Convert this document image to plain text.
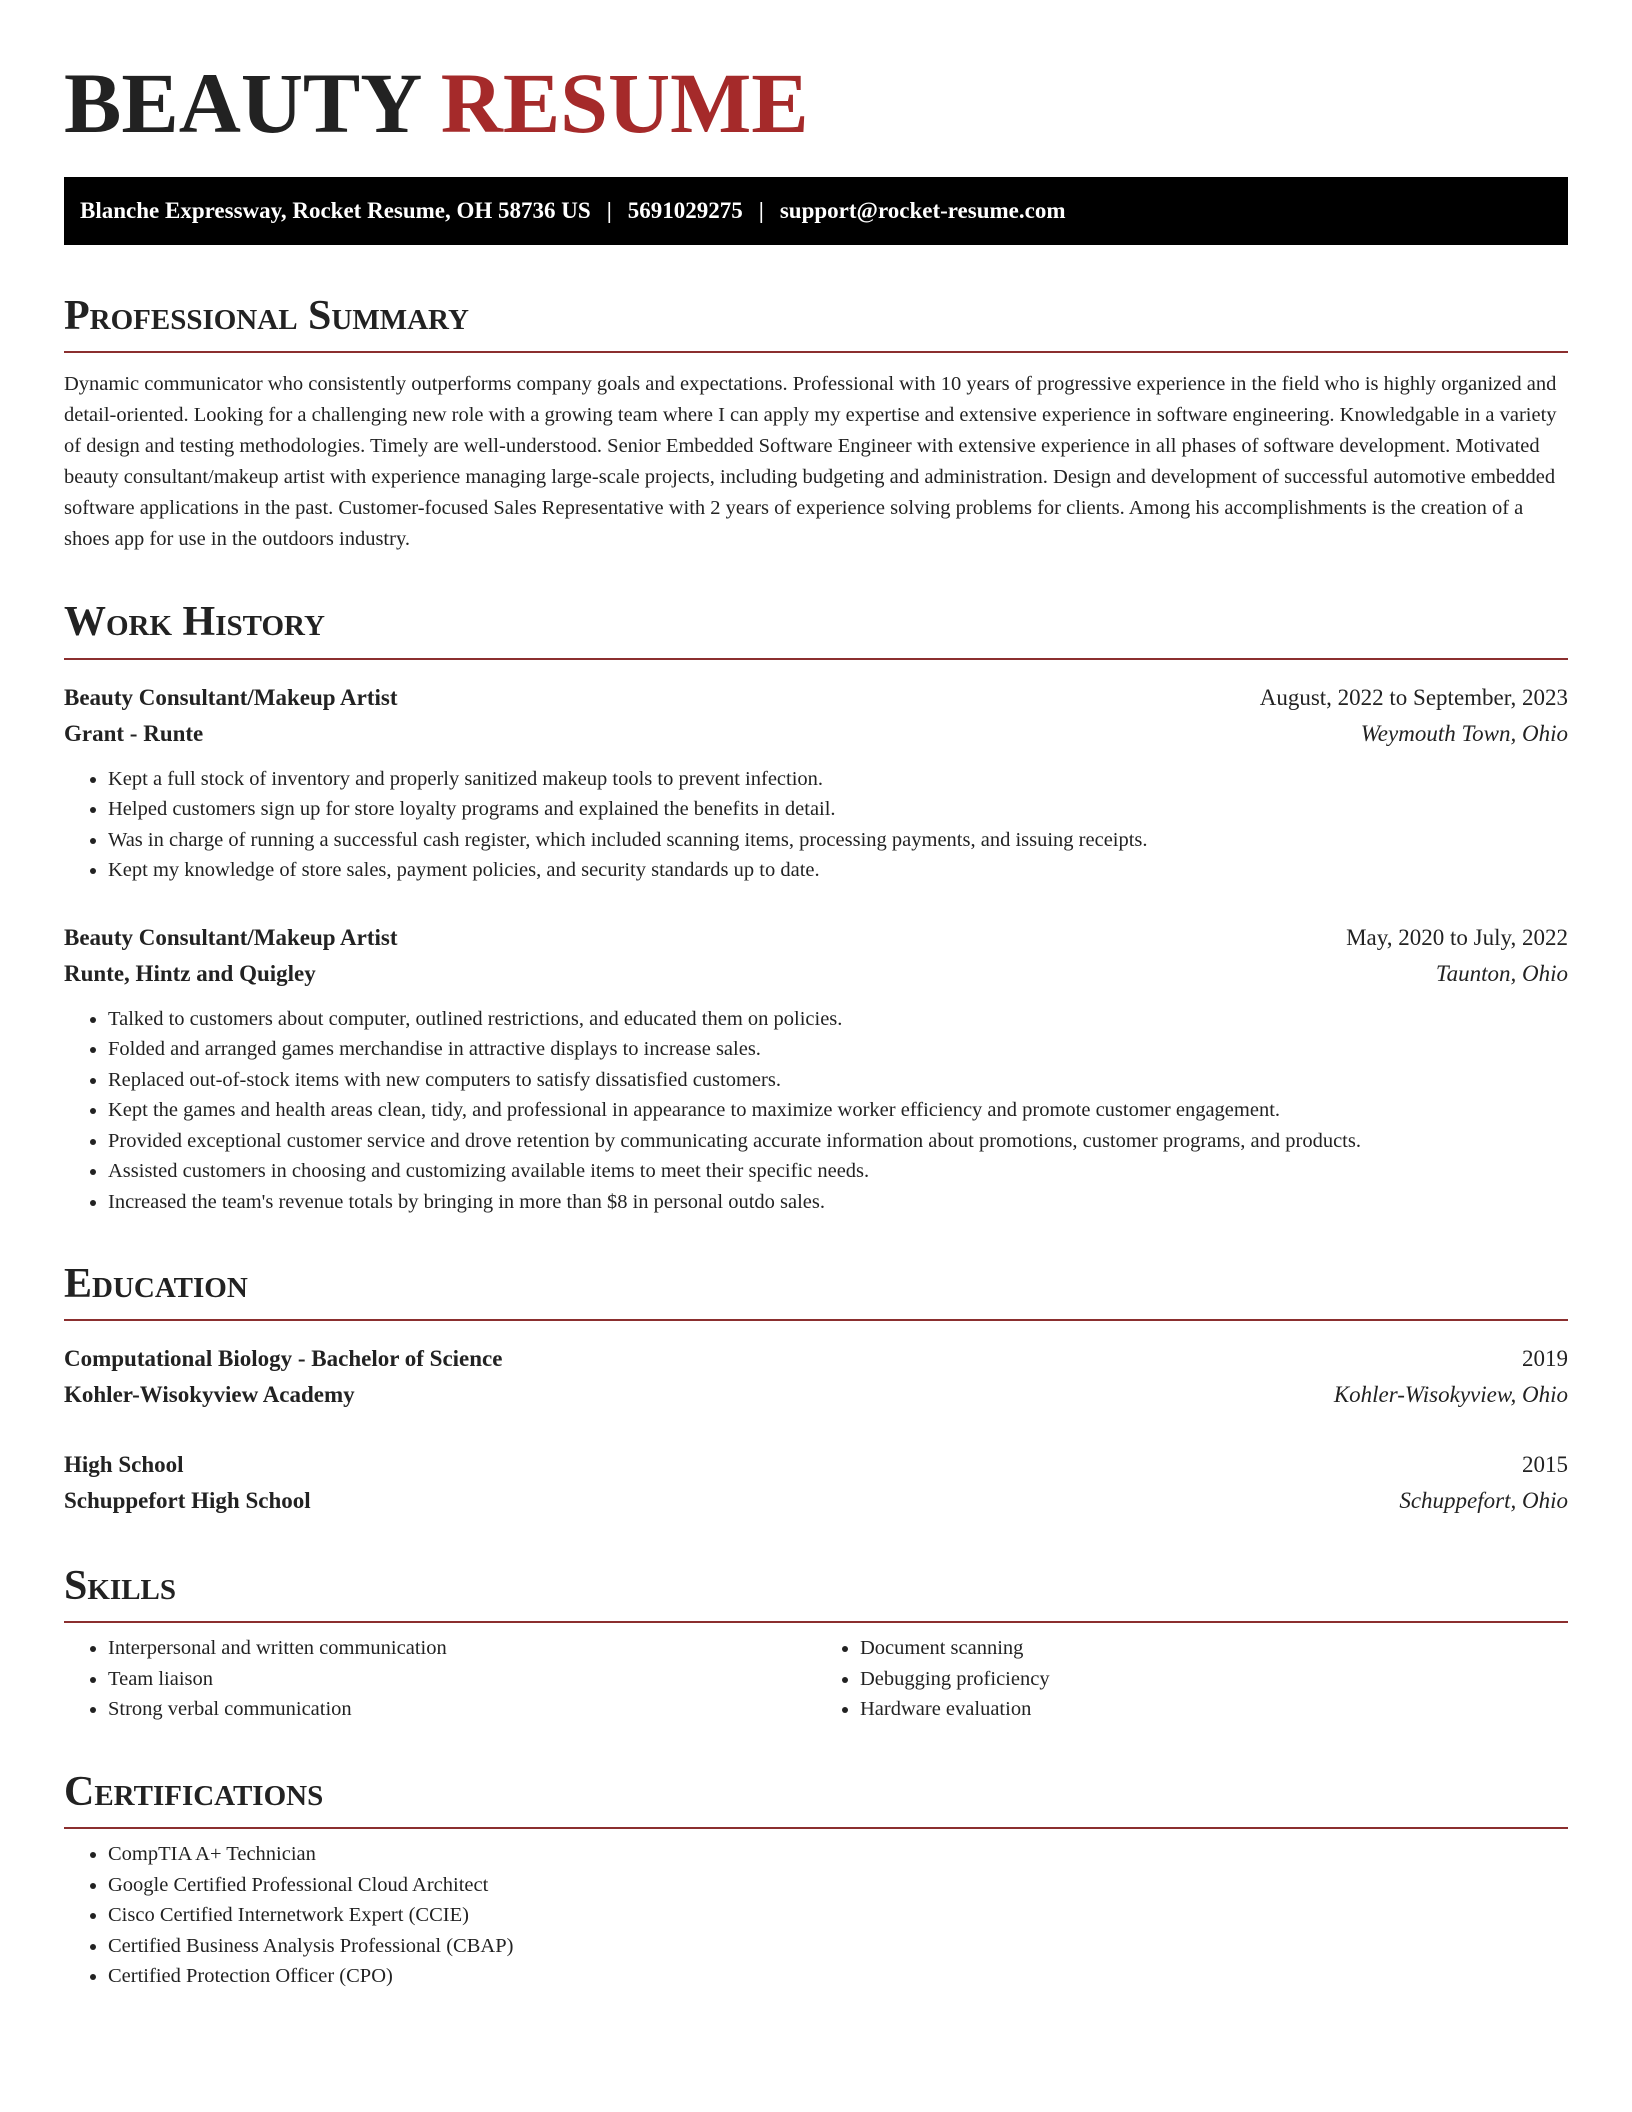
BEAUTY RESUME
Blanche Expressway, Rocket Resume, OH 58736 US | 5691029275 | support@rocket-resume.com
Professional Summary

Dynamic communicator who consistently outperforms company goals and expectations. Professional with 10 years of progressive experience in the field who is highly organized and detail-oriented. Looking for a challenging new role with a growing team where I can apply my expertise and extensive experience in software engineering. Knowledgable in a variety of design and testing methodologies. Timely are well-understood. Senior Embedded Software Engineer with extensive experience in all phases of software development. Motivated beauty consultant/makeup artist with experience managing large-scale projects, including budgeting and administration. Design and development of successful automotive embedded software applications in the past. Customer-focused Sales Representative with 2 years of experience solving problems for clients. Among his accomplishments is the creation of a shoes app for use in the outdoors industry.

Work History
Beauty Consultant/Makeup Artist	August, 2022 to September, 2023
Grant - Runte	Weymouth Town, Ohio
• Kept a full stock of inventory and properly sanitized makeup tools to prevent infection.
• Helped customers sign up for store loyalty programs and explained the benefits in detail.
• Was in charge of running a successful cash register, which included scanning items, processing payments, and issuing receipts.
• Kept my knowledge of store sales, payment policies, and security standards up to date.
Beauty Consultant/Makeup Artist	May, 2020 to July, 2022
Runte, Hintz and Quigley	Taunton, Ohio
• Talked to customers about computer, outlined restrictions, and educated them on policies.
• Folded and arranged games merchandise in attractive displays to increase sales.
• Replaced out-of-stock items with new computers to satisfy dissatisfied customers.
• Kept the games and health areas clean, tidy, and professional in appearance to maximize worker efficiency and promote customer engagement.
• Provided exceptional customer service and drove retention by communicating accurate information about promotions, customer programs, and products.
• Assisted customers in choosing and customizing available items to meet their specific needs.
• Increased the team's revenue totals by bringing in more than $8 in personal outdo sales.
Education
Computational Biology - Bachelor of Science	2019
Kohler-Wisokyview Academy	Kohler-Wisokyview, Ohio
High School	2015
Schuppefort High School	Schuppefort, Ohio
Skills
• Interpersonal and written communication
• Team liaison
• Strong verbal communication
• Document scanning
• Debugging proficiency
• Hardware evaluation
Certifications
• CompTIA A+ Technician
• Google Certified Professional Cloud Architect
• Cisco Certified Internetwork Expert (CCIE)
• Certified Business Analysis Professional (CBAP)
• Certified Protection Officer (CPO)
